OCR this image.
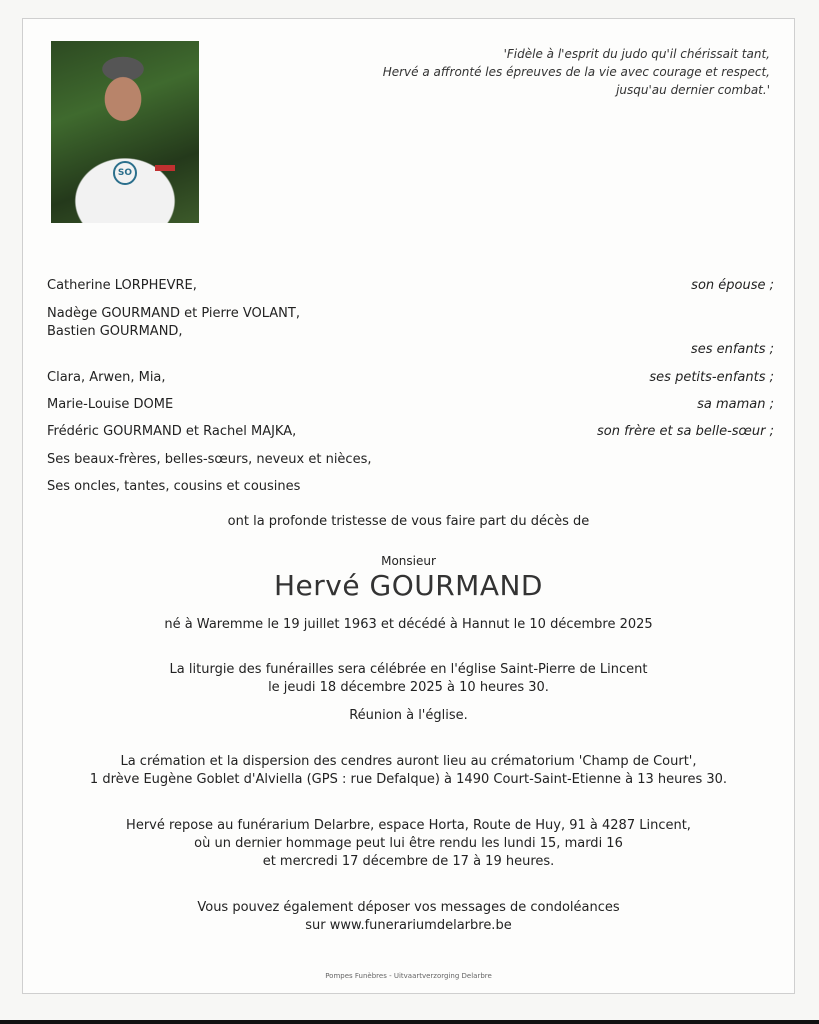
SO
'Fidèle à l'esprit du judo qu'il chérissait tant,
Hervé a affronté les épreuves de la vie avec courage et respect,
jusqu'au dernier combat.'
Catherine LORPHEVRE,	son épouse ;
Nadège GOURMAND et Pierre VOLANT,
Bastien GOURMAND,
ses enfants ;
Clara, Arwen, Mia,	ses petits-enfants ;
Marie-Louise DOME	sa maman ;
Frédéric GOURMAND et Rachel MAJKA,	son frère et sa belle-sœur ;
Ses beaux-frères, belles-sœurs, neveux et nièces,
Ses oncles, tantes, cousins et cousines
ont la profonde tristesse de vous faire part du décès de
Monsieur
Hervé GOURMAND
né à Waremme le 19 juillet 1963 et décédé à Hannut le 10 décembre 2025
La liturgie des funérailles sera célébrée en l'église Saint-Pierre de Lincent
le jeudi 18 décembre 2025 à 10 heures 30.
Réunion à l'église.
La crémation et la dispersion des cendres auront lieu au crématorium 'Champ de Court',
1 drève Eugène Goblet d'Alviella (GPS : rue Defalque) à 1490 Court-Saint-Etienne à 13 heures 30.
Hervé repose au funérarium Delarbre, espace Horta, Route de Huy, 91 à 4287 Lincent,
où un dernier hommage peut lui être rendu les lundi 15, mardi 16
et mercredi 17 décembre de 17 à 19 heures.
Vous pouvez également déposer vos messages de condoléances
sur www.funerariumdelarbre.be
Pompes Funèbres - Uitvaartverzorging Delarbre
